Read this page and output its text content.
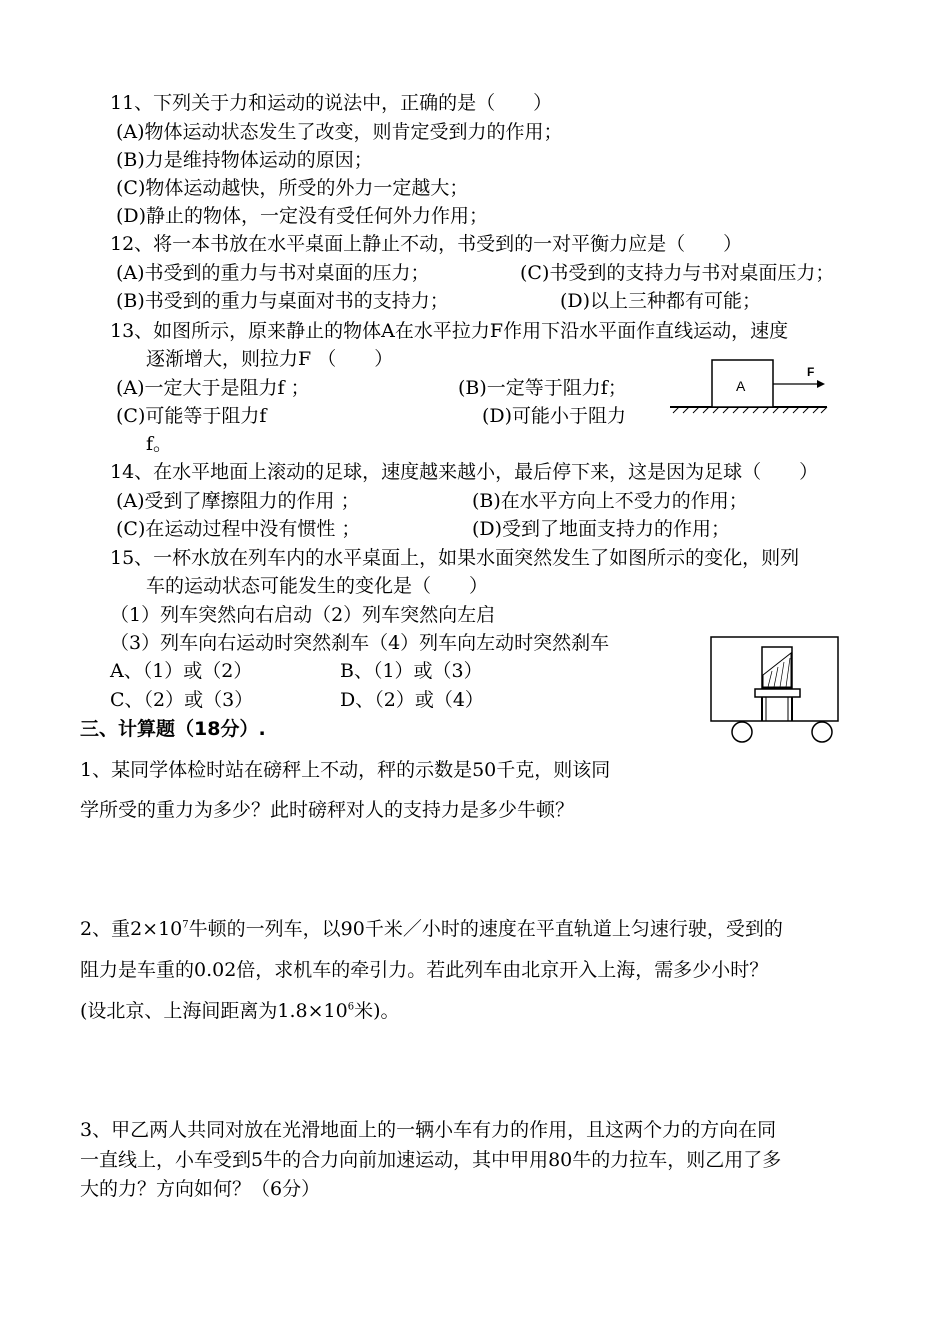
11、下列关于力和运动的说法中，正确的是（　　）
(A)物体运动状态发生了改变，则肯定受到力的作用；
(B)力是维持物体运动的原因；
(C)物体运动越快，所受的外力一定越大；
(D)静止的物体，一定没有受任何外力作用；
12、将一本书放在水平桌面上静止不动，书受到的一对平衡力应是（　　）
(A)书受到的重力与书对桌面的压力；	(C)书受到的支持力与书对桌面压力；
(B)书受到的重力与桌面对书的支持力；	(D)以上三种都有可能；
13、如图所示，原来静止的物体A在水平拉力F作用下沿水平面作直线运动，速度
逐渐增大，则拉力F （　　）
(A)一定大于是阻力f ；	(B)一定等于阻力f；
(C)可能等于阻力f	(D)可能小于阻力
f。
A
F
14、在水平地面上滚动的足球，速度越来越小，最后停下来，这是因为足球（　　）
(A)受到了摩擦阻力的作用 ；	(B)在水平方向上不受力的作用；
(C)在运动过程中没有惯性 ；	(D)受到了地面支持力的作用；
15、一杯水放在列车内的水平桌面上，如果水面突然发生了如图所示的变化，则列
车的运动状态可能发生的变化是（　　）
（1）列车突然向右启动（2）列车突然向左启
（3）列车向右运动时突然刹车（4）列车向左动时突然刹车
A、（1）或（2）	B、（1）或（3）
C、（2）或（3）	D、（2）或（4）
三、计算题（18分）.
1、某同学体检时站在磅秤上不动，秤的示数是50千克，则该同
学所受的重力为多少？此时磅秤对人的支持力是多少牛顿？
2、重$2\times 10^7$牛顿的一列车，以90千米／小时的速度在平直轨道上匀速行驶，受到的
阻力是车重的0.02倍，求机车的牵引力。若此列车由北京开入上海，需多少小时？
(设北京、上海间距离为$1.8\times 10^6$米)。
3、甲乙两人共同对放在光滑地面上的一辆小车有力的作用，且这两个力的方向在同
一直线上，小车受到5牛的合力向前加速运动，其中甲用80牛的力拉车，则乙用了多
大的力？方向如何？（6分）
